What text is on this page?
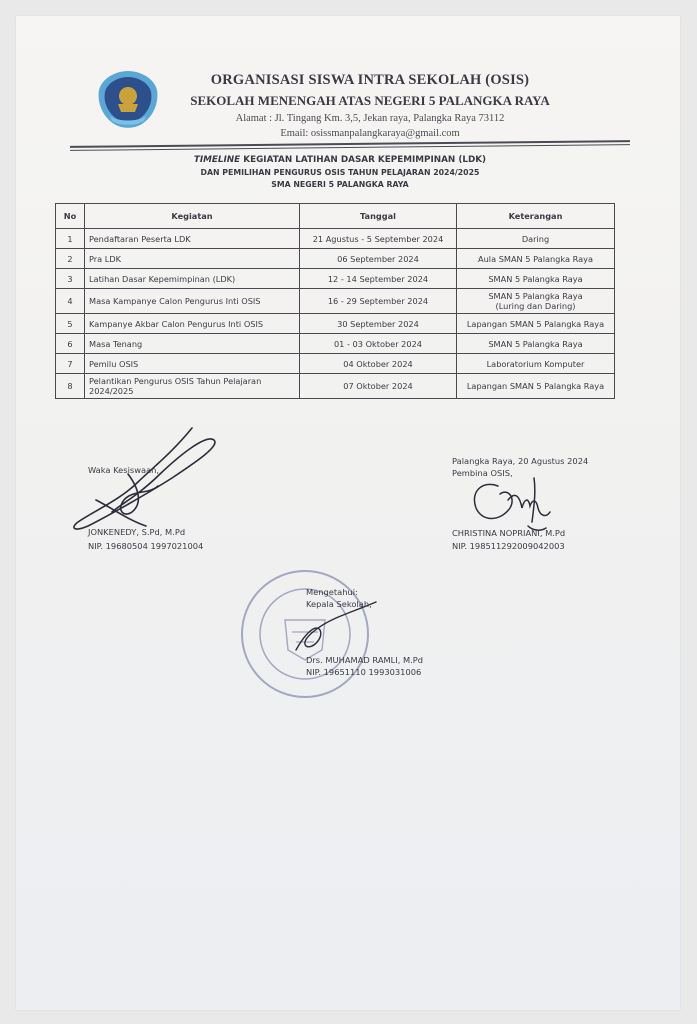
ORGANISASI SISWA INTRA SEKOLAH (OSIS)
SEKOLAH MENENGAH ATAS NEGERI 5 PALANGKA RAYA
Alamat : Jl. Tingang Km. 3,5, Jekan raya, Palangka Raya 73112
Email: osissmanpalangkaraya@gmail.com
TIMELINE KEGIATAN LATIHAN DASAR KEPEMIMPINAN (LDK)
DAN PEMILIHAN PENGURUS OSIS TAHUN PELAJARAN 2024/2025
SMA NEGERI 5 PALANGKA RAYA
No	Kegiatan	Tanggal	Keterangan
1	Pendaftaran Peserta LDK	21 Agustus - 5 September 2024	Daring
2	Pra LDK	06 September 2024	Aula SMAN 5 Palangka Raya
3	Latihan Dasar Kepemimpinan (LDK)	12 - 14 September 2024	SMAN 5 Palangka Raya
4	Masa Kampanye Calon Pengurus Inti OSIS	16 - 29 September 2024	SMAN 5 Palangka Raya
(Luring dan Daring)

5	Kampanye Akbar Calon Pengurus Inti OSIS	30 September 2024	Lapangan SMAN 5 Palangka Raya
6	Masa Tenang	01 - 03 Oktober 2024	SMAN 5 Palangka Raya
7	Pemilu OSIS	04 Oktober 2024	Laboratorium Komputer
8	Pelantikan Pengurus OSIS Tahun Pelajaran
2024/2025	07 Oktober 2024	Lapangan SMAN 5 Palangka Raya
Waka Kesiswaan,
JONKENEDY, S.Pd, M.Pd
NIP. 19680504 1997021004
Palangka Raya, 20 Agustus 2024
Pembina OSIS,
CHRISTINA NOPRIANI, M.Pd
NIP. 198511292009042003
Mengetahui:
Kepala Sekolah,
Drs. MUHAMAD RAMLI, M.Pd
NIP. 19651110 1993031006
